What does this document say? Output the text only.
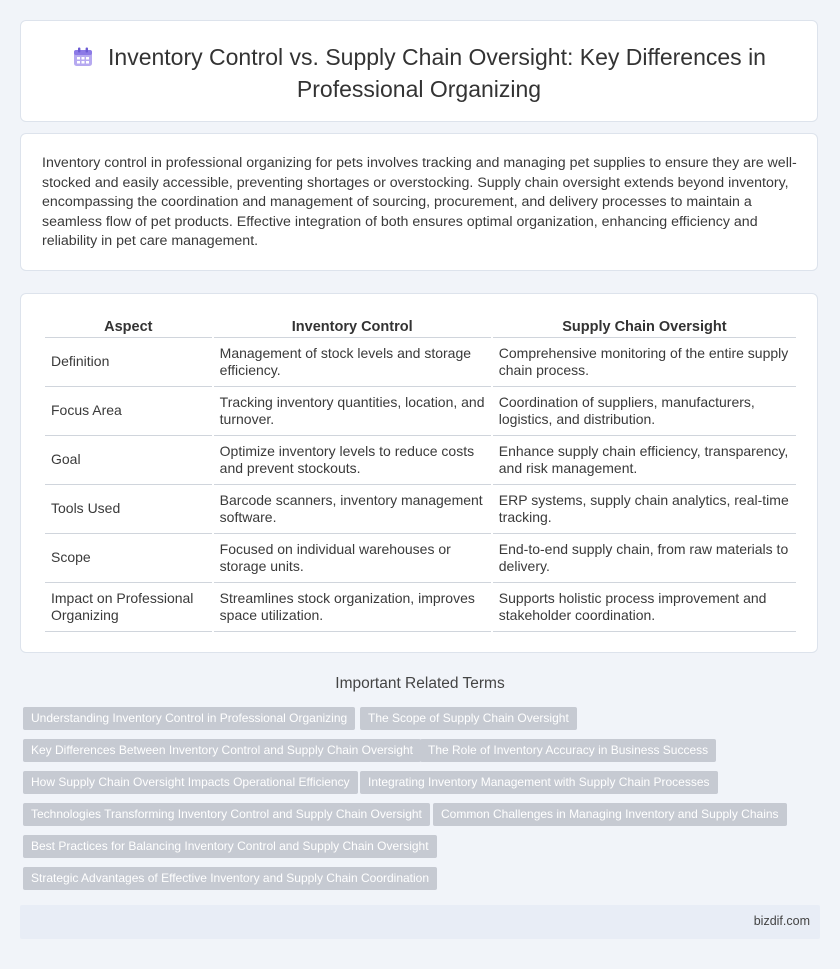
Inventory Control vs. Supply Chain Oversight: Key Differences in
Professional Organizing

Inventory control in professional organizing for pets involves tracking and managing pet supplies to ensure they are well-stocked and easily accessible, preventing shortages or overstocking. Supply chain oversight extends beyond inventory, encompassing the coordination and management of sourcing, procurement, and delivery processes to maintain a seamless flow of pet products. Effective integration of both ensures optimal organization, enhancing efficiency and reliability in pet care management.

Aspect	Inventory Control	Supply Chain Oversight
Definition	Management of stock levels and storage efficiency.	Comprehensive monitoring of the entire supply chain process.
Focus Area	Tracking inventory quantities, location, and turnover.	Coordination of suppliers, manufacturers, logistics, and distribution.
Goal	Optimize inventory levels to reduce costs and prevent stockouts.	Enhance supply chain efficiency, transparency, and risk management.
Tools Used	Barcode scanners, inventory management software.	ERP systems, supply chain analytics, real-time tracking.
Scope	Focused on individual warehouses or storage units.	End-to-end supply chain, from raw materials to delivery.
Impact on Professional Organizing	Streamlines stock organization, improves space utilization.	Supports holistic process improvement and stakeholder coordination.
Important Related Terms
Understanding Inventory Control in Professional Organizing	The Scope of Supply Chain Oversight
Key Differences Between Inventory Control and Supply Chain Oversight	The Role of Inventory Accuracy in Business Success
How Supply Chain Oversight Impacts Operational Efficiency	Integrating Inventory Management with Supply Chain Processes
Technologies Transforming Inventory Control and Supply Chain Oversight	Common Challenges in Managing Inventory and Supply Chains
Best Practices for Balancing Inventory Control and Supply Chain Oversight
Strategic Advantages of Effective Inventory and Supply Chain Coordination
bizdif.com
